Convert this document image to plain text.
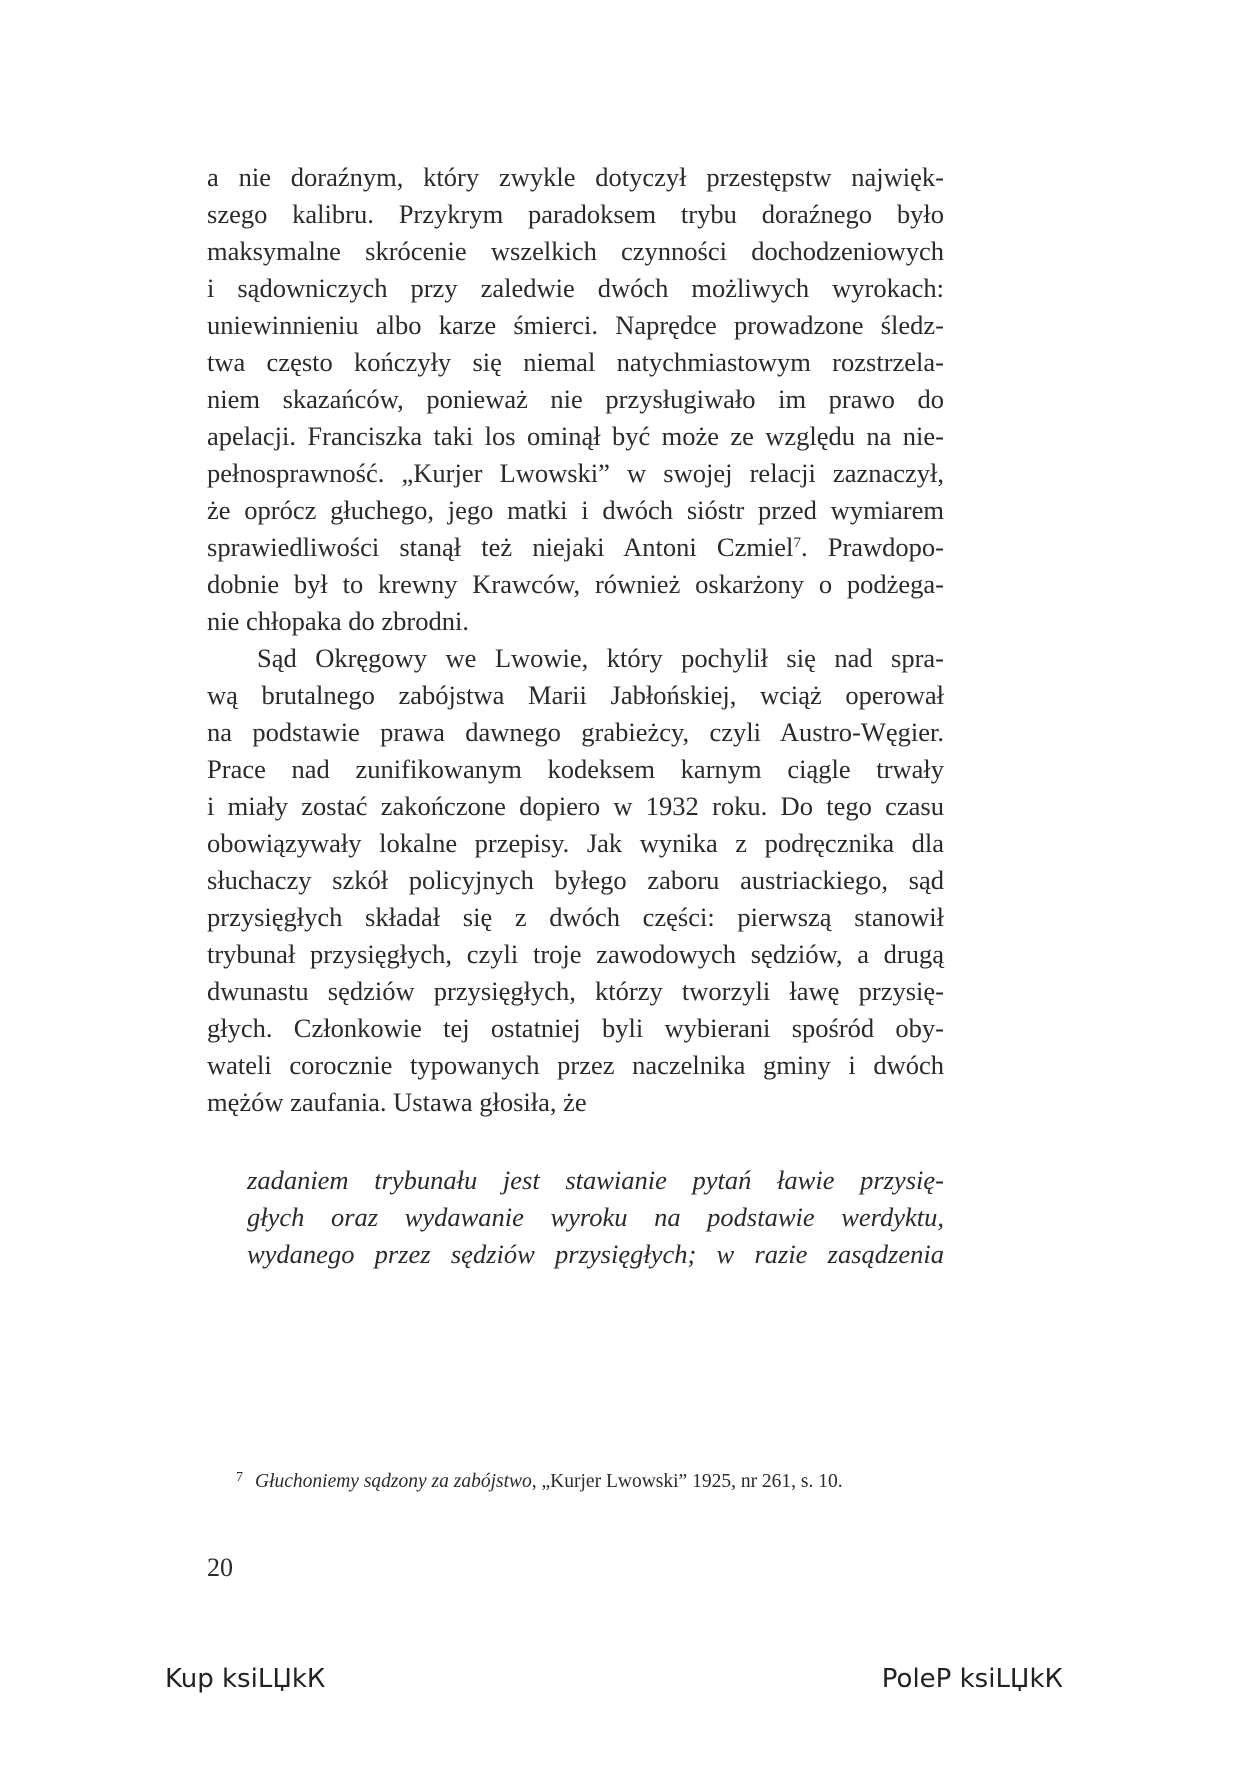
a nie doraźnym, który zwykle dotyczył przestępstw najwięk-
szego kalibru. Przykrym paradoksem trybu doraźnego było
maksymalne skrócenie wszelkich czynności dochodzeniowych
i sądowniczych przy zaledwie dwóch możliwych wyrokach:
uniewinnieniu albo karze śmierci. Naprędce prowadzone śledz-
twa często kończyły się niemal natychmiastowym rozstrzela-
niem skazańców, ponieważ nie przysługiwało im prawo do
apelacji. Franciszka taki los ominął być może ze względu na nie-
pełnosprawność. „Kurjer Lwowski” w swojej relacji zaznaczył,
że oprócz głuchego, jego matki i dwóch sióstr przed wymiarem
sprawiedliwości stanął też niejaki Antoni Czmiel$^7$. Prawdopo-
dobnie był to krewny Krawców, również oskarżony o podżega-
nie chłopaka do zbrodni.
Sąd Okręgowy we Lwowie, który pochylił się nad spra-
wą brutalnego zabójstwa Marii Jabłońskiej, wciąż operował
na podstawie prawa dawnego grabieżcy, czyli Austro-Węgier.
Prace nad zunifikowanym kodeksem karnym ciągle trwały
i miały zostać zakończone dopiero w 1932 roku. Do tego czasu
obowiązywały lokalne przepisy. Jak wynika z podręcznika dla
słuchaczy szkół policyjnych byłego zaboru austriackiego, sąd
przysięgłych składał się z dwóch części: pierwszą stanowił
trybunał przysięgłych, czyli troje zawodowych sędziów, a drugą
dwunastu sędziów przysięgłych, którzy tworzyli ławę przysię-
głych. Członkowie tej ostatniej byli wybierani spośród oby-
wateli corocznie typowanych przez naczelnika gminy i dwóch
mężów zaufania. Ustawa głosiła, że
zadaniem trybunału jest stawianie pytań ławie przysię-
głych oraz wydawanie wyroku na podstawie werdyktu,
wydanego przez sędziów przysięgłych; w razie zasądzenia
$^7$ Głuchoniemy sądzony za zabójstwo, „Kurjer Lwowski” 1925, nr 261, s. 10.
20
Kup ksiLЏkК	PoleР ksiLЏkК
